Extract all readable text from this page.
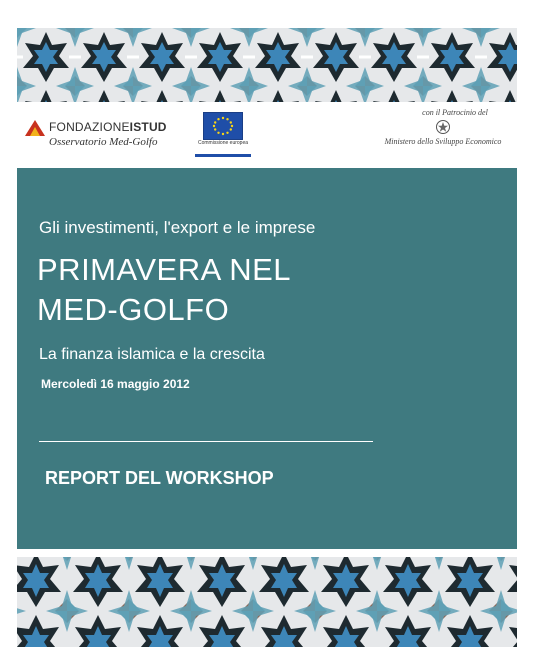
FONDAZIONEISTUD
Osservatorio Med-Golfo	Commissione europea
con il Patrocinio del
Ministero dello Sviluppo Economico
Gli investimenti, l'export e le imprese
PRIMAVERA NEL
MED-GOLFO
La finanza islamica e la crescita
Mercoledì 16 maggio 2012
REPORT DEL WORKSHOP
